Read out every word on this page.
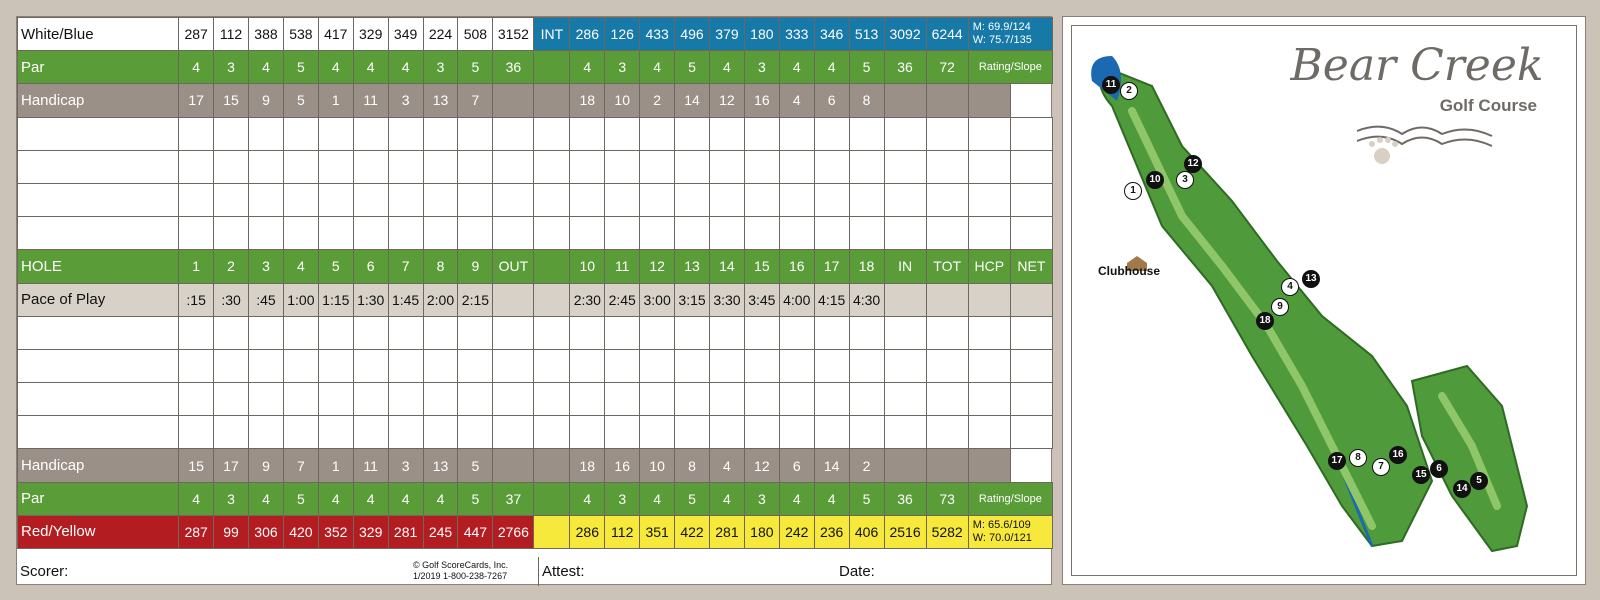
White/Blue	287	112	388	538	417	329	349	224	508	3152	INT	286	126	433	496	379	180	333	346	513	3092	6244	M: 69.9/124
W: 75.7/135	

Par	4	3	4	5	4	4	4	3	5	36		4	3	4	5	4	3	4	4	5	36	72	Rating/Slope	
Handicap	17	15	9	5	1	11	3	13	7			18	10	2	14	12	16	4	6	8				

HOLE	1	2	3	4	5	6	7	8	9	OUT		10	11	12	13	14	15	16	17	18	IN	TOT	HCP	NET
Pace of Play	:15	:30	:45	1:00	1:15	1:30	1:45	2:00	2:15			2:30	2:45	3:00	3:15	3:30	3:45	4:00	4:15	4:30				

Handicap	15	17	9	7	1	11	3	13	5			18	16	10	8	4	12	6	14	2				
Par	4	3	4	5	4	4	4	4	5	37		4	3	4	5	4	3	4	4	5	36	73	Rating/Slope	
Red/Yellow	287	99	306	420	352	329	281	245	447	2766		286	112	351	422	281	180	242	236	406	2516	5282	M: 65.6/109
W: 70.0/121	
Scorer:	© Golf ScoreCards, Inc.
1/2019 1-800-238-7267 Attest:	Date:
Bear Creek
Golf Course
Clubhouse
11
2
12
10	3
1
13
4
9
18
17	8	16
7
15
6
14
5
